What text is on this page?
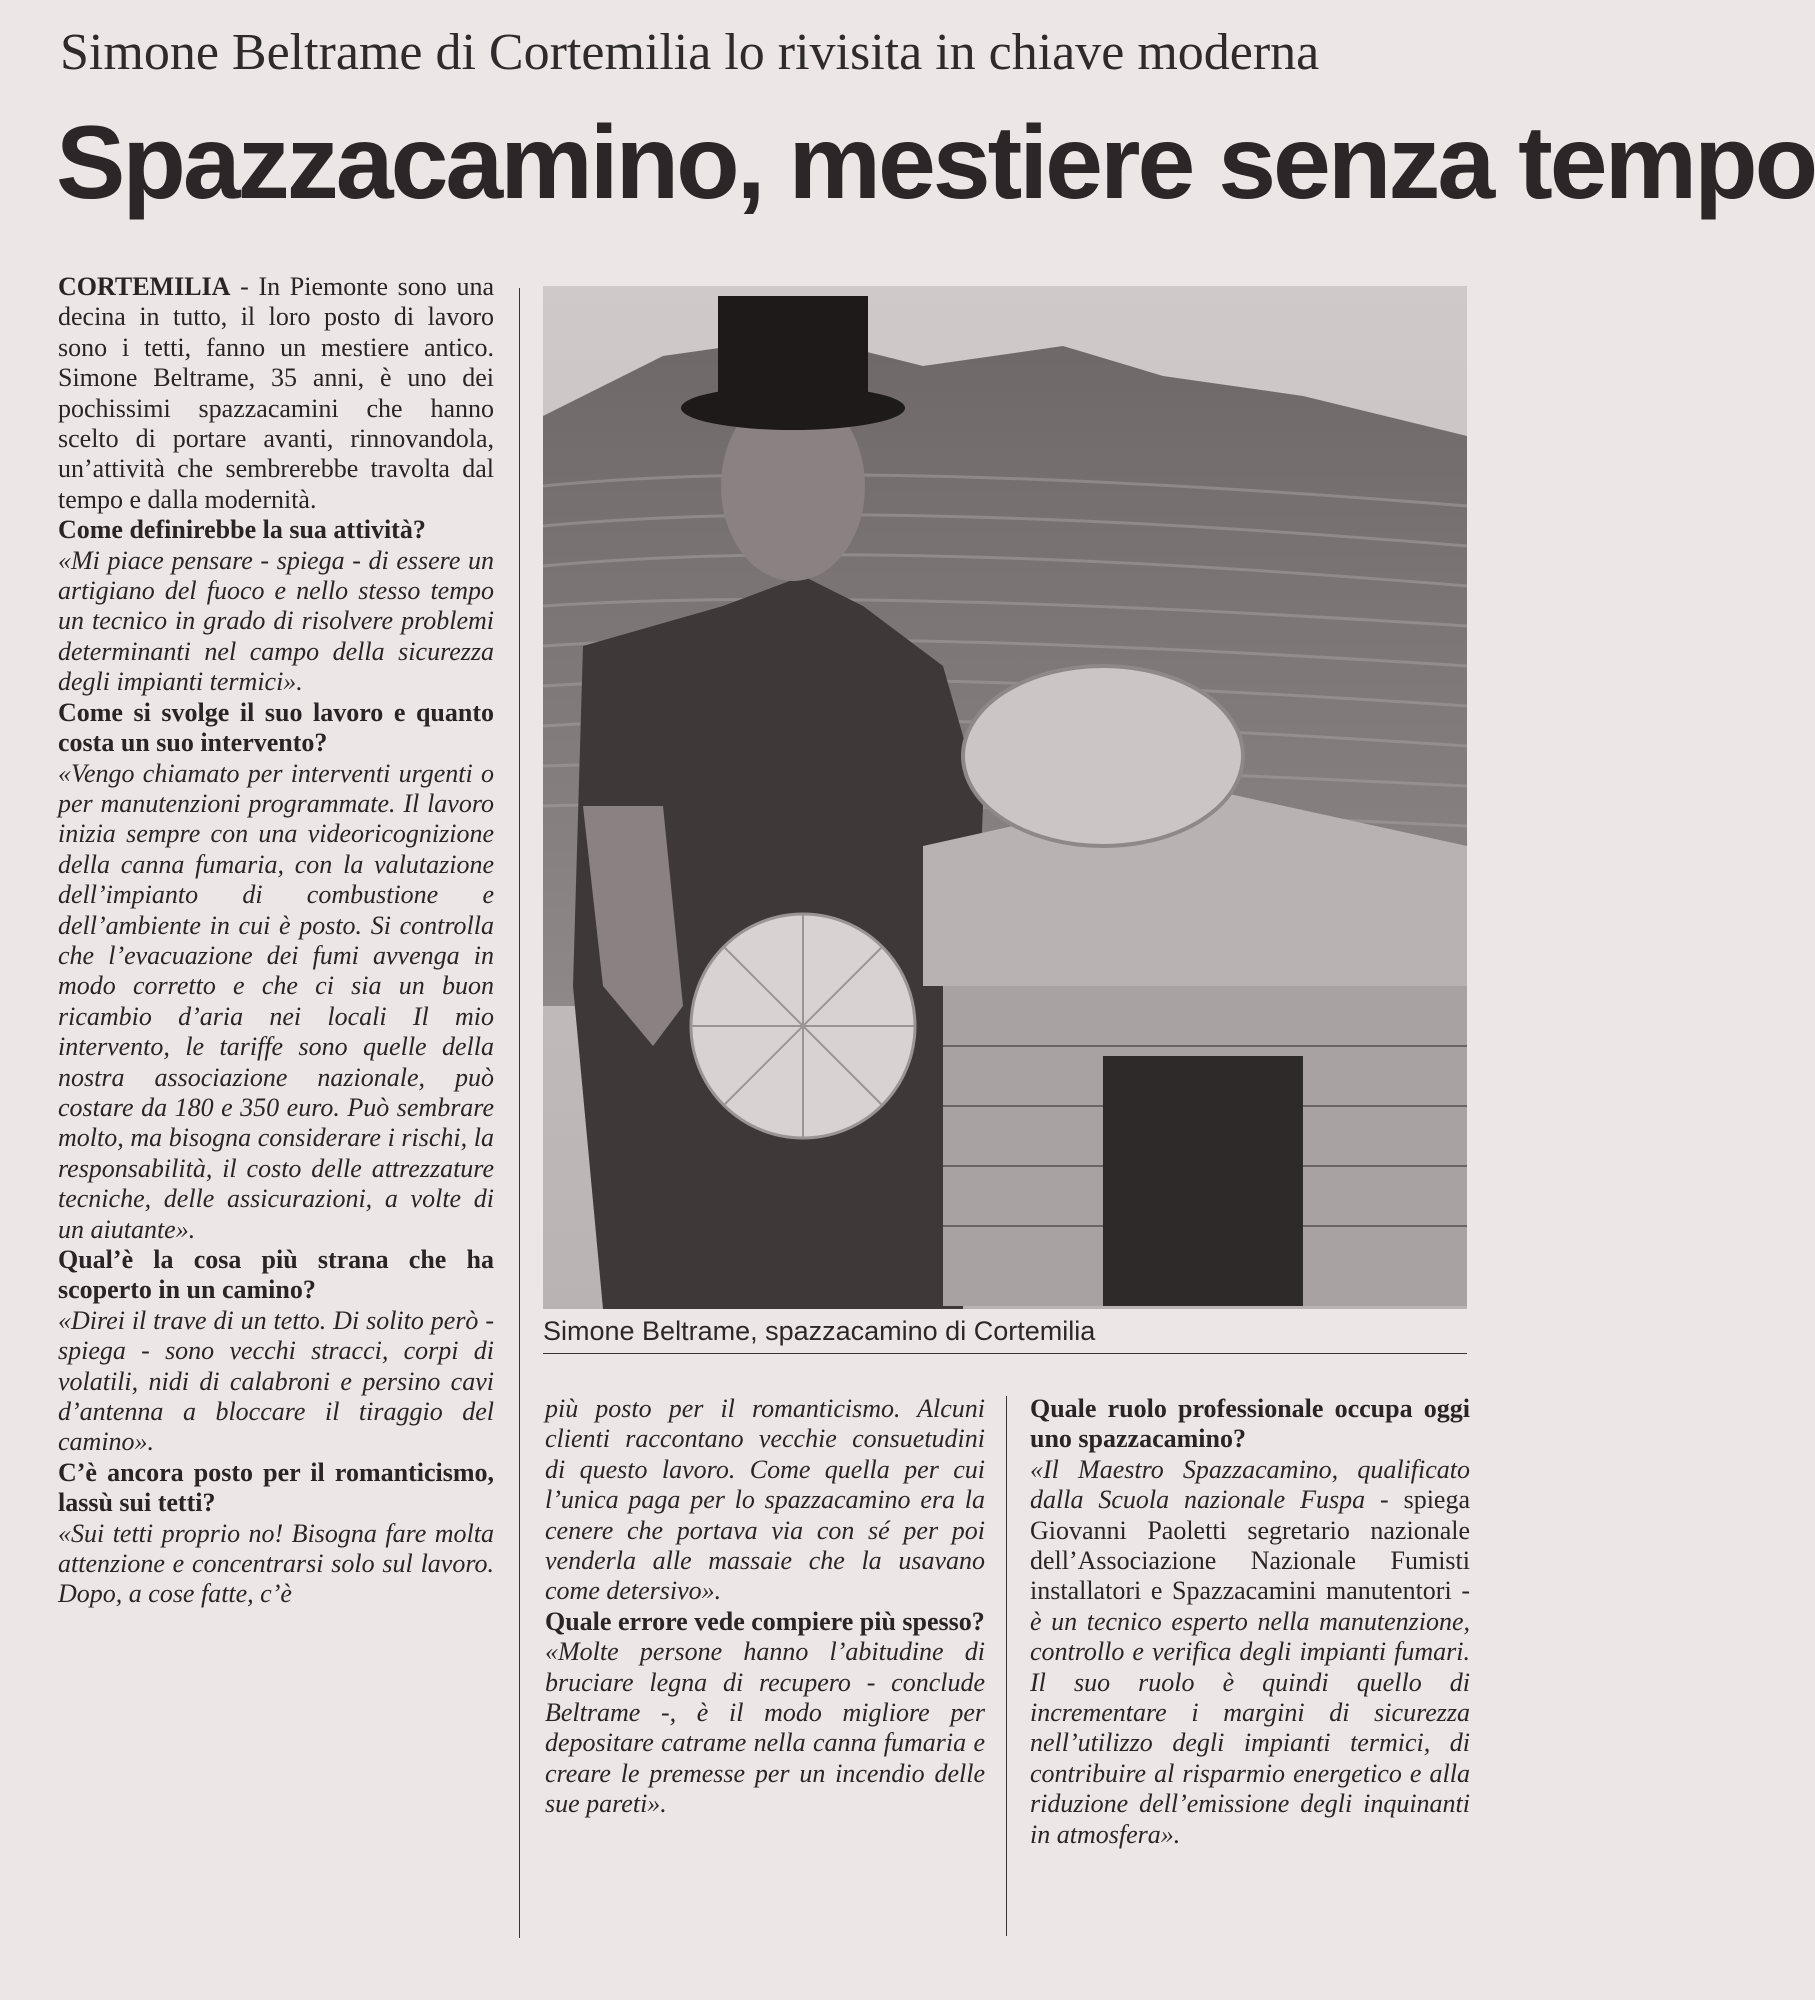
Simone Beltrame di Cortemilia lo rivisita in chiave moderna
Spazzacamino, mestiere senza tempo

CORTEMILIA - In Piemonte sono una decina in tutto, il loro posto di lavoro sono i tetti, fanno un mestiere antico. Simone Beltrame, 35 anni, è uno dei pochissimi spazzacamini che hanno scelto di portare avanti, rinnovandola, un’attività che sembrerebbe travolta dal tempo e dalla modernità.

Come definirebbe la sua attività?

«Mi piace pensare - spiega - di essere un artigiano del fuoco e nello stesso tempo un tecnico in grado di risolvere problemi determinanti nel campo della sicurezza degli impianti termici».

Come si svolge il suo lavoro e quanto costa un suo intervento?

«Vengo chiamato per interventi urgenti o per manutenzioni programmate. Il lavoro inizia sempre con una videoricognizione della canna fumaria, con la valutazione dell’impianto di combustione e dell’ambiente in cui è posto. Si controlla che l’evacuazione dei fumi avvenga in modo corretto e che ci sia un buon ricambio d’aria nei locali Il mio intervento, le tariffe sono quelle della nostra associazione nazionale, può costare da 180 e 350 euro. Può sembrare molto, ma bisogna considerare i rischi, la responsabilità, il costo delle attrezzature tecniche, delle assicurazioni, a volte di un aiutante».

Qual’è la cosa più strana che ha scoperto in un camino?

«Direi il trave di un tetto. Di solito però - spiega - sono vecchi stracci, corpi di volatili, nidi di calabroni e persino cavi d’antenna a bloccare il tiraggio del camino».

C’è ancora posto per il romanticismo, lassù sui tetti?

«Sui tetti proprio no! Bisogna fare molta attenzione e concentrarsi solo sul lavoro. Dopo, a cose fatte, c’è

Simone Beltrame, spazzacamino di Cortemilia

più posto per il romanticismo. Alcuni clienti raccontano vecchie consuetudini di questo lavoro. Come quella per cui l’unica paga per lo spazzacamino era la cenere che portava via con sé per poi venderla alle massaie che la usavano come detersivo».

Quale errore vede compiere più spesso?

«Molte persone hanno l’abitudine di bruciare legna di recupero - conclude Beltrame -, è il modo migliore per depositare catrame nella canna fumaria e creare le premesse per un incendio delle sue pareti».

Quale ruolo professionale occupa oggi uno spazzacamino?

«Il Maestro Spazzacamino, qualificato dalla Scuola nazionale Fuspa - spiega Giovanni Paoletti segretario nazionale dell’Associazione Nazionale Fumisti installatori e Spazzacamini manutentori - è un tecnico esperto nella manutenzione, controllo e verifica degli impianti fumari. Il suo ruolo è quindi quello di incrementare i margini di sicurezza nell’utilizzo degli impianti termici, di contribuire al risparmio energetico e alla riduzione dell’emissione degli inquinanti in atmosfera».
